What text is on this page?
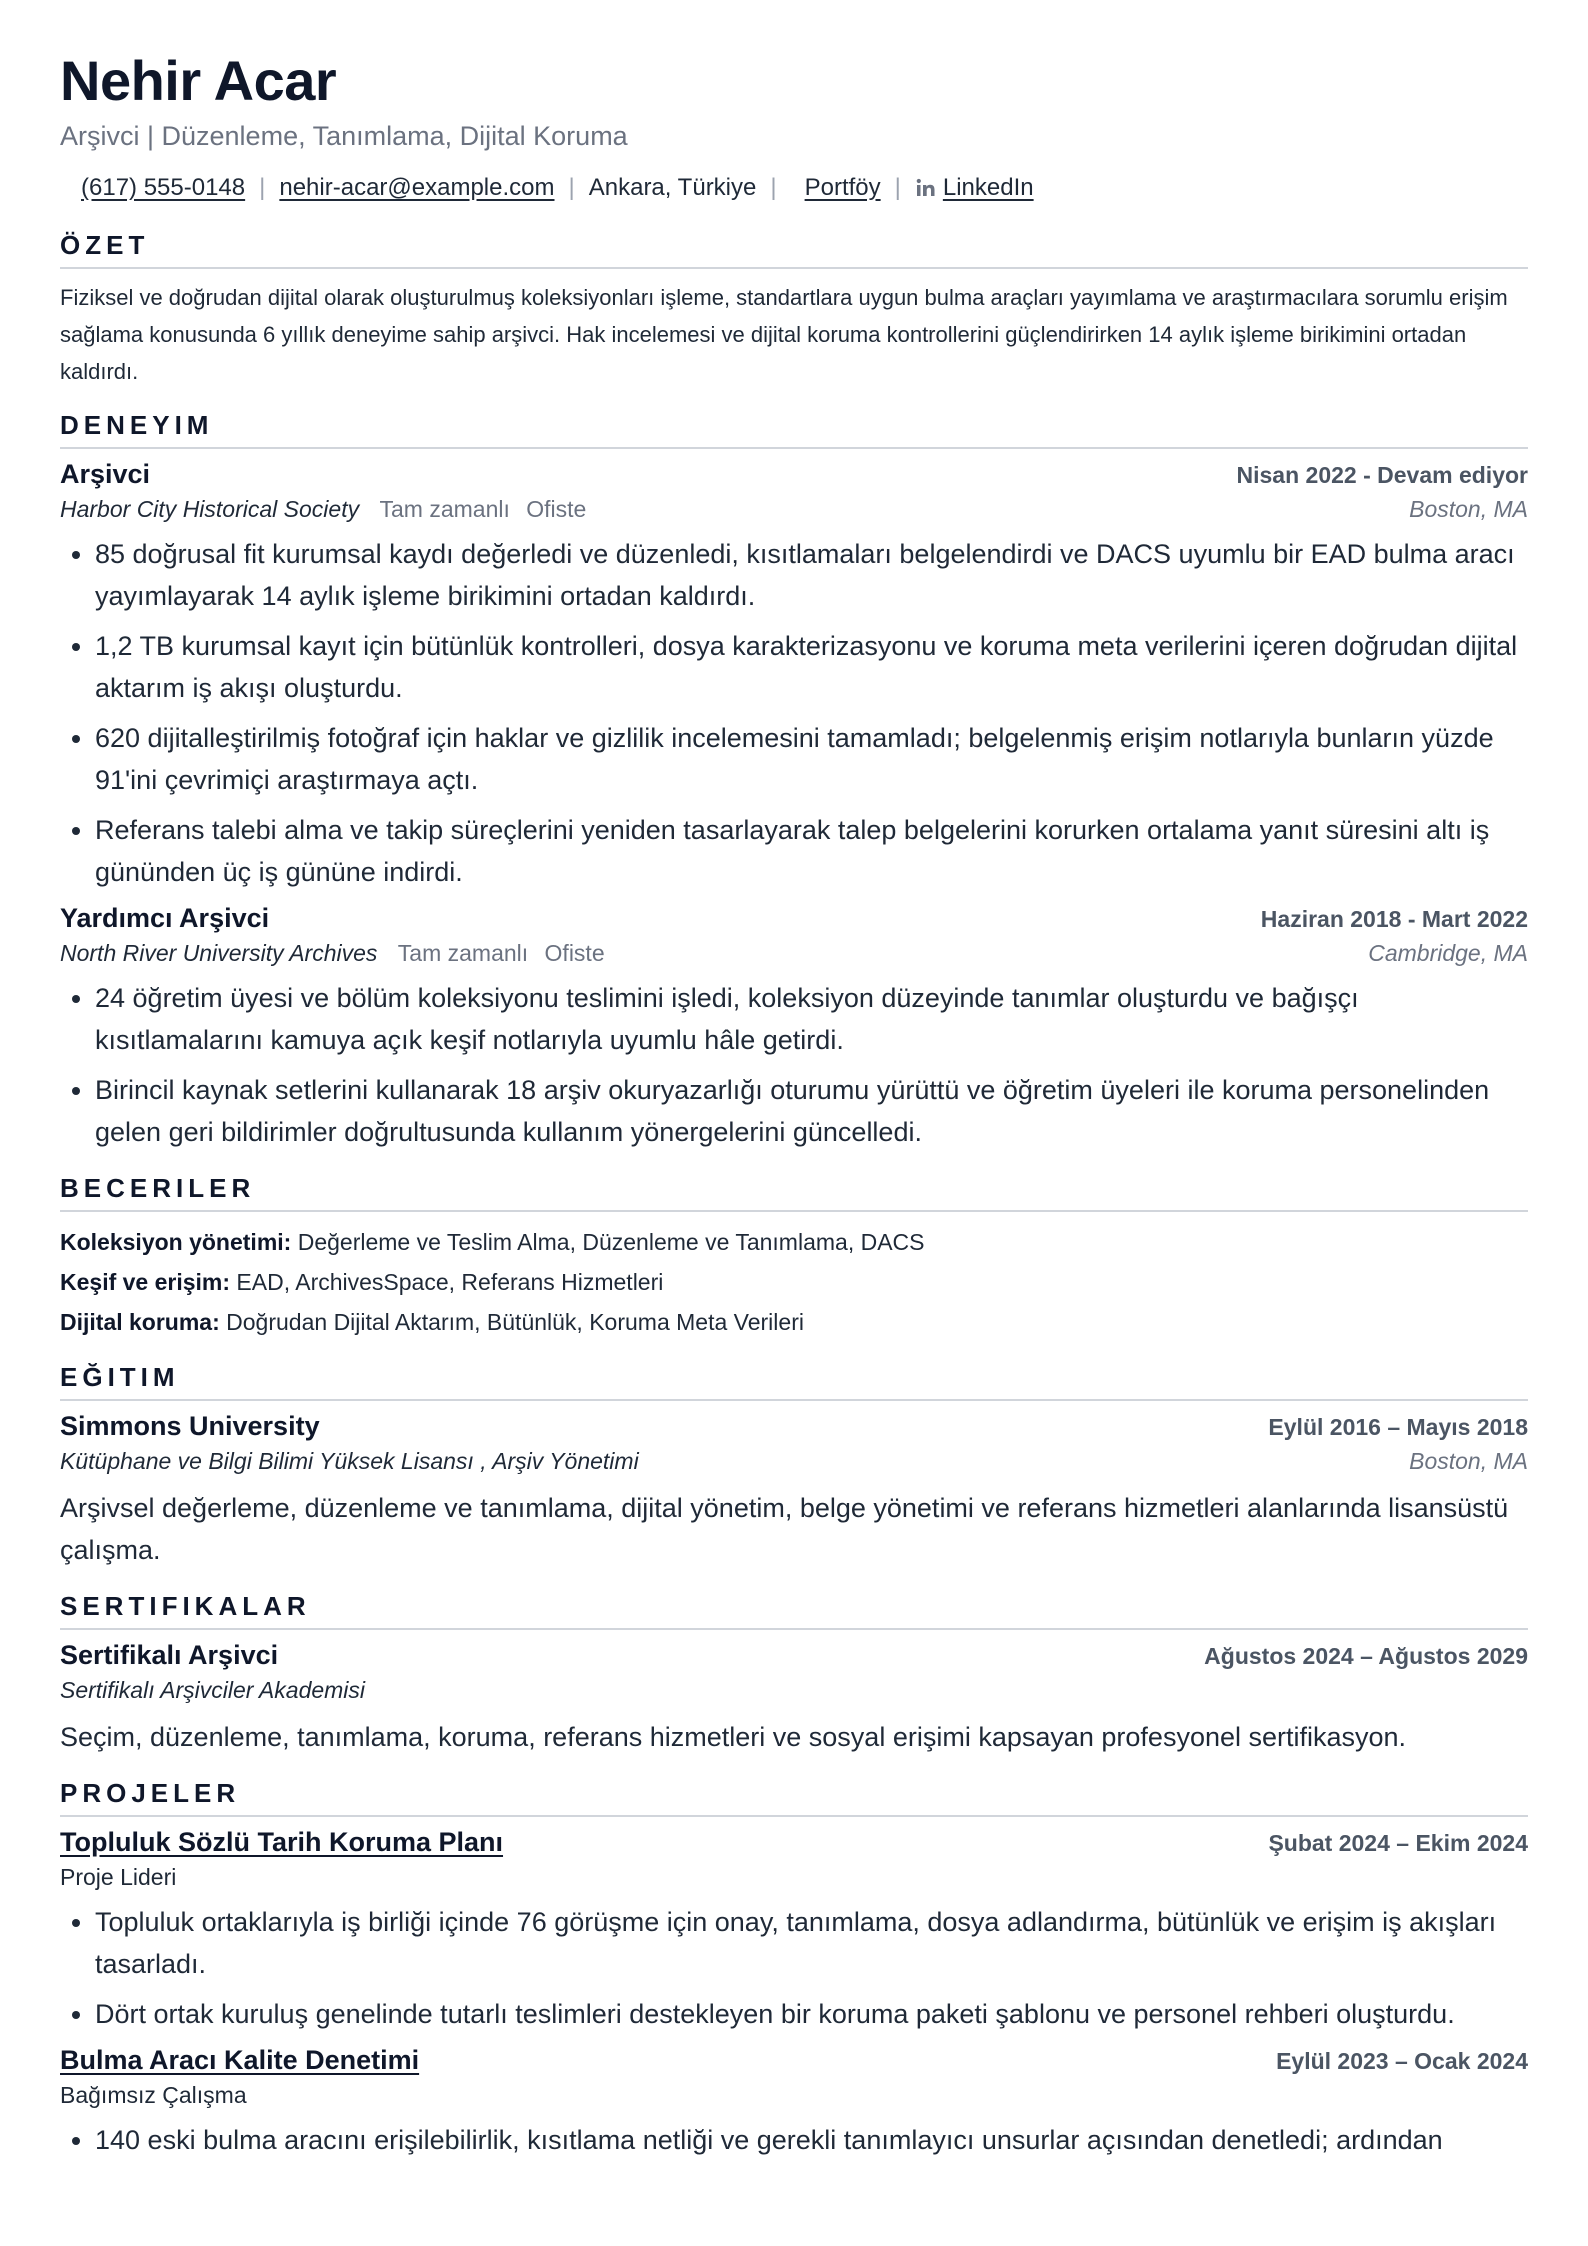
Nehir Acar
Arşivci | Düzenleme, Tanımlama, Dijital Koruma
(617) 555-0148 | nehir-acar@example.com | Ankara, Türkiye | Portföy | LinkedIn
ÖZET
Fiziksel ve doğrudan dijital olarak oluşturulmuş koleksiyonları işleme, standartlara uygun bulma araçları yayımlama ve araştırmacılara sorumlu erişim sağlama konusunda 6 yıllık deneyime sahip arşivci. Hak incelemesi ve dijital koruma kontrollerini güçlendirirken 14 aylık işleme birikimini ortadan kaldırdı.
DENEYIM
Arşivci	Nisan 2022 - Devam ediyor
Harbor City Historical Society Tam zamanlı Ofiste	Boston, MA
• 85 doğrusal fit kurumsal kaydı değerledi ve düzenledi, kısıtlamaları belgelendirdi ve DACS uyumlu bir EAD bulma aracı yayımlayarak 14 aylık işleme birikimini ortadan kaldırdı.
• 1,2 TB kurumsal kayıt için bütünlük kontrolleri, dosya karakterizasyonu ve koruma meta verilerini içeren doğrudan dijital aktarım iş akışı oluşturdu.
• 620 dijitalleştirilmiş fotoğraf için haklar ve gizlilik incelemesini tamamladı; belgelenmiş erişim notlarıyla bunların yüzde 91'ini çevrimiçi araştırmaya açtı.
• Referans talebi alma ve takip süreçlerini yeniden tasarlayarak talep belgelerini korurken ortalama yanıt süresini altı iş gününden üç iş gününe indirdi.
Yardımcı Arşivci	Haziran 2018 - Mart 2022
North River University Archives Tam zamanlı Ofiste	Cambridge, MA
• 24 öğretim üyesi ve bölüm koleksiyonu teslimini işledi, koleksiyon düzeyinde tanımlar oluşturdu ve bağışçı kısıtlamalarını kamuya açık keşif notlarıyla uyumlu hâle getirdi.
• Birincil kaynak setlerini kullanarak 18 arşiv okuryazarlığı oturumu yürüttü ve öğretim üyeleri ile koruma personelinden gelen geri bildirimler doğrultusunda kullanım yönergelerini güncelledi.
BECERILER
Koleksiyon yönetimi: Değerleme ve Teslim Alma, Düzenleme ve Tanımlama, DACS
Keşif ve erişim: EAD, ArchivesSpace, Referans Hizmetleri
Dijital koruma: Doğrudan Dijital Aktarım, Bütünlük, Koruma Meta Verileri
EĞITIM
Simmons University	Eylül 2016 – Mayıs 2018
Kütüphane ve Bilgi Bilimi Yüksek Lisansı , Arşiv Yönetimi	Boston, MA
Arşivsel değerleme, düzenleme ve tanımlama, dijital yönetim, belge yönetimi ve referans hizmetleri alanlarında lisansüstü çalışma.
SERTIFIKALAR
Sertifikalı Arşivci	Ağustos 2024 – Ağustos 2029
Sertifikalı Arşivciler Akademisi
Seçim, düzenleme, tanımlama, koruma, referans hizmetleri ve sosyal erişimi kapsayan profesyonel sertifikasyon.
PROJELER
Topluluk Sözlü Tarih Koruma Planı	Şubat 2024 – Ekim 2024
Proje Lideri
• Topluluk ortaklarıyla iş birliği içinde 76 görüşme için onay, tanımlama, dosya adlandırma, bütünlük ve erişim iş akışları tasarladı.
• Dört ortak kuruluş genelinde tutarlı teslimleri destekleyen bir koruma paketi şablonu ve personel rehberi oluşturdu.
Bulma Aracı Kalite Denetimi	Eylül 2023 – Ocak 2024
Bağımsız Çalışma
• 140 eski bulma aracını erişilebilirlik, kısıtlama netliği ve gerekli tanımlayıcı unsurlar açısından denetledi; ardından
